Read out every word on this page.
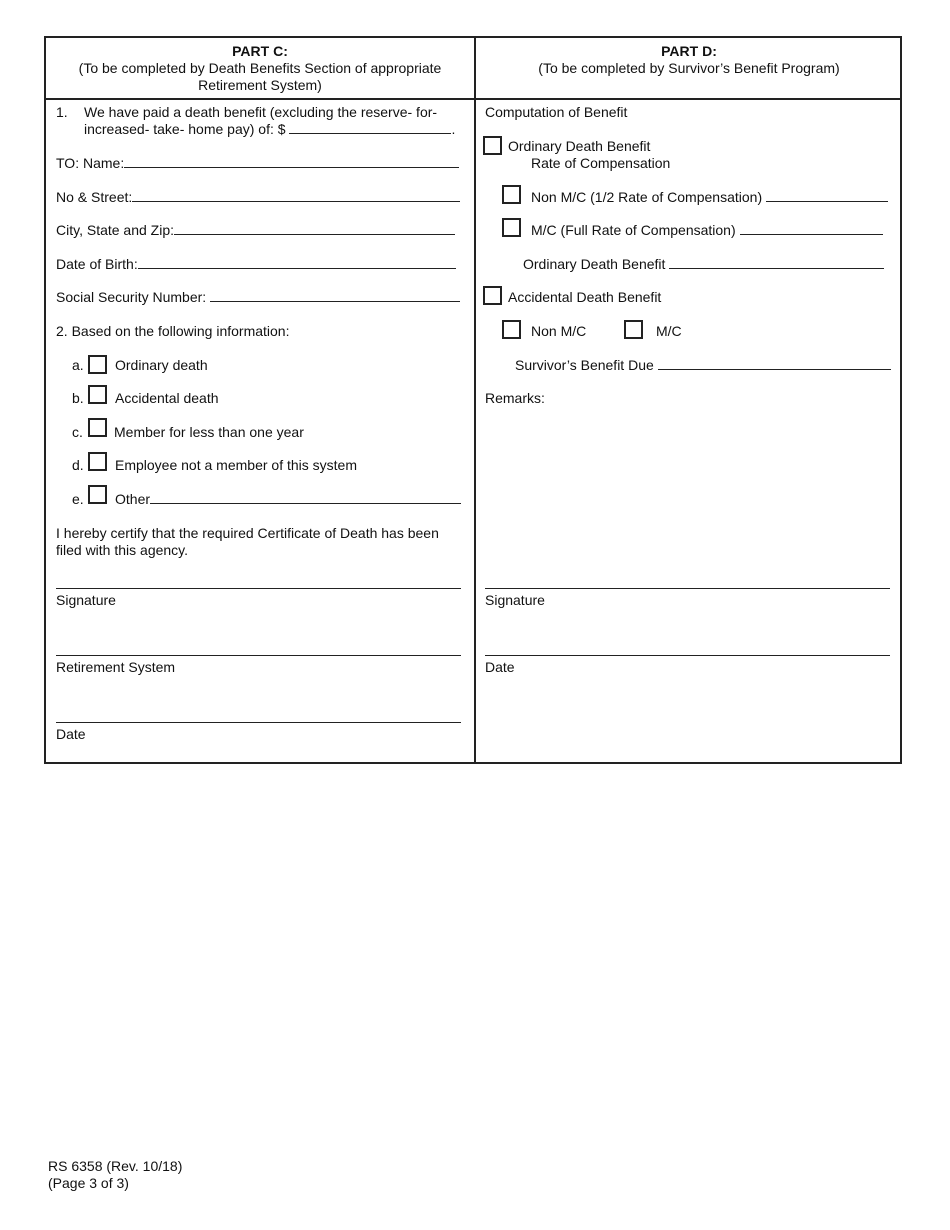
PART C:
(To be completed by Death Benefits Section of appropriate
Retirement System)
PART D:
(To be completed by Survivor’s Benefit Program)
1. We have paid a death benefit (excluding the reserve- for-
increased- take- home pay) of: $	.
TO: Name:
No & Street:
City, State and Zip:
Date of Birth:
Social Security Number:
2. Based on the following information:
a. Ordinary death
b. Accidental death
c. Member for less than one year
d. Employee not a member of this system
e. Other
I hereby certify that the required Certificate of Death has been
filed with this agency.
Signature
Retirement System
Date
Computation of Benefit
Ordinary Death Benefit
Rate of Compensation
Non M/C (1/2 Rate of Compensation)
M/C (Full Rate of Compensation)
Ordinary Death Benefit
Accidental Death Benefit
Non M/C	M/C
Survivor’s Benefit Due
Remarks:
Signature
Date
RS 6358 (Rev. 10/18)
(Page 3 of 3)
